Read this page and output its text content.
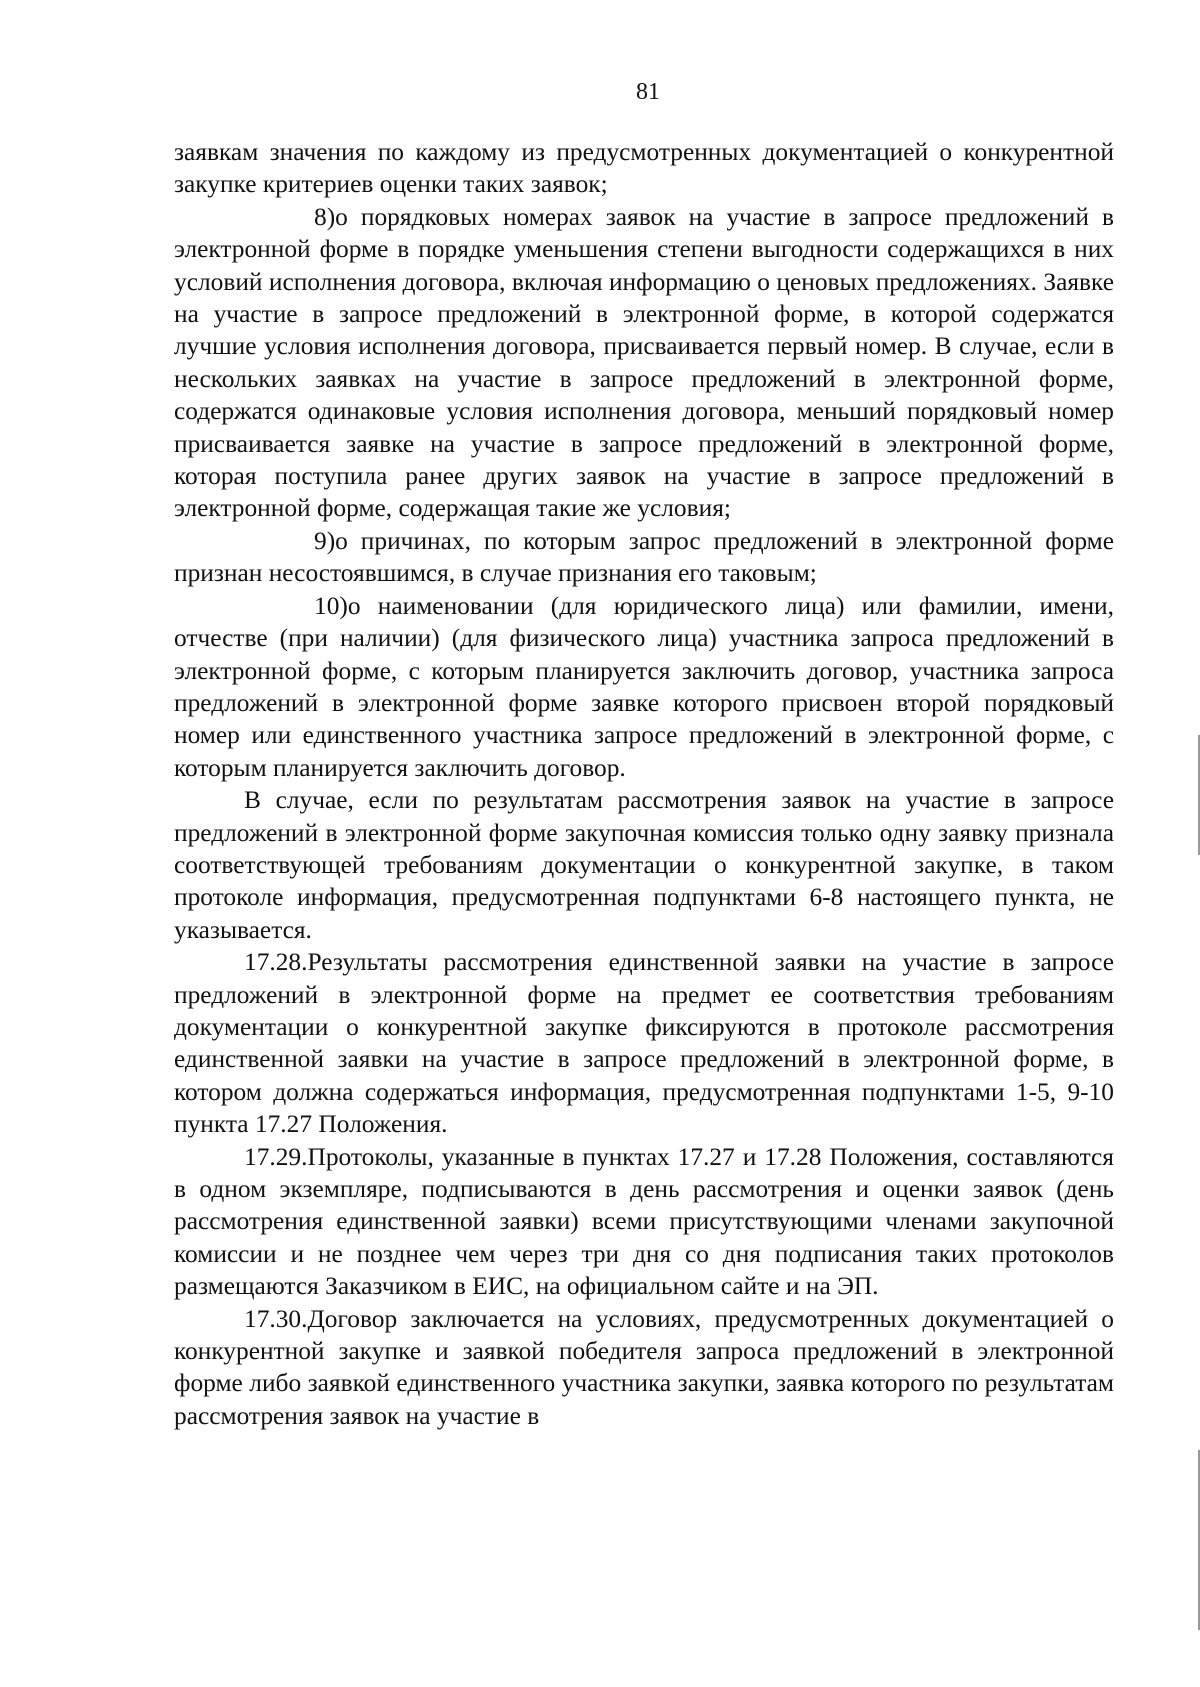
81

заявкам значения по каждому из предусмотренных документацией о конкурентной закупке критериев оценки таких заявок;

8)о порядковых номерах заявок на участие в запросе предложений в электронной форме в порядке уменьшения степени выгодности содержащихся в них условий исполнения договора, включая информацию о ценовых предложениях. Заявке на участие в запросе предложений в электронной форме, в которой содержатся лучшие условия исполнения договора, присваивается первый номер. В случае, если в нескольких заявках на участие в запросе предложений в электронной форме, содержатся одинаковые условия исполнения договора, меньший порядковый номер присваивается заявке на участие в запросе предложений в электронной форме, которая поступила ранее других заявок на участие в запросе предложений в электронной форме, содержащая такие же условия;

9)о причинах, по которым запрос предложений в электронной форме признан несостоявшимся, в случае признания его таковым;

10)о наименовании (для юридического лица) или фамилии, имени, отчестве (при наличии) (для физического лица) участника запроса предложений в электронной форме, с которым планируется заключить договор, участника запроса предложений в электронной форме заявке которого присвоен второй порядковый номер или единственного участника запросе предложений в электронной форме, с которым планируется заключить договор.

В случае, если по результатам рассмотрения заявок на участие в запросе предложений в электронной форме закупочная комиссия только одну заявку признала соответствующей требованиям документации о конкурентной закупке, в таком протоколе информация, предусмотренная подпунктами 6-8 настоящего пункта, не указывается.

17.28.Результаты рассмотрения единственной заявки на участие в запросе предложений в электронной форме на предмет ее соответствия требованиям документации о конкурентной закупке фиксируются в протоколе рассмотрения единственной заявки на участие в запросе предложений в электронной форме, в котором должна содержаться информация, предусмотренная подпунктами 1-5, 9-10 пункта 17.27 Положения.

17.29.Протоколы, указанные в пунктах 17.27 и 17.28 Положения, составляются в одном экземпляре, подписываются в день рассмотрения и оценки заявок (день рассмотрения единственной заявки) всеми присутствующими членами закупочной комиссии и не позднее чем через три дня со дня подписания таких протоколов размещаются Заказчиком в ЕИС, на официальном сайте и на ЭП.

17.30.Договор заключается на условиях, предусмотренных документацией о конкурентной закупке и заявкой победителя запроса предложений в электронной форме либо заявкой единственного участника закупки, заявка которого по результатам рассмотрения заявок на участие в
